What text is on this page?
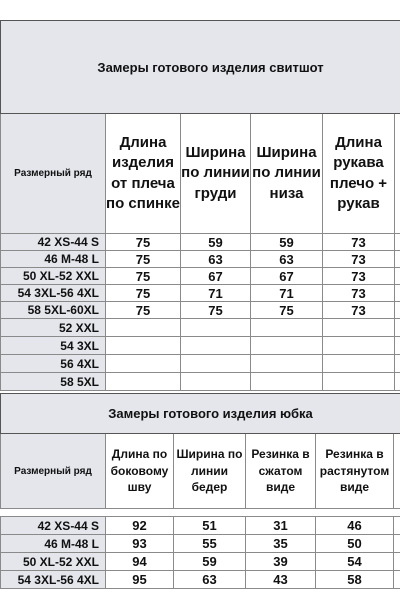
Замеры готового изделия свитшот					
Размерный ряд	Длина изделия от плеча по спинке	Ширина по линии груди	Ширина по линии низа	Длина рукава плечо + рукав	
42 XS-44 S	75	59	59	73	
46 M-48 L	75	63	63	73	
50 XL-52 XXL	75	67	67	73	
54 3XL-56 4XL	75	71	71	73	
58 5XL-60XL	75	75	75	73	
52 XXL					
54 3XL					
56 4XL					
58 5XL					
Замеры готового изделия юбка					
Размерный ряд	Длина по боковому шву	Ширина по линии бедер	Резинка в сжатом виде	Резинка в растянутом виде	

42 XS-44 S	92	51	31	46	
46 M-48 L	93	55	35	50	
50 XL-52 XXL	94	59	39	54	
54 3XL-56 4XL	95	63	43	58	
